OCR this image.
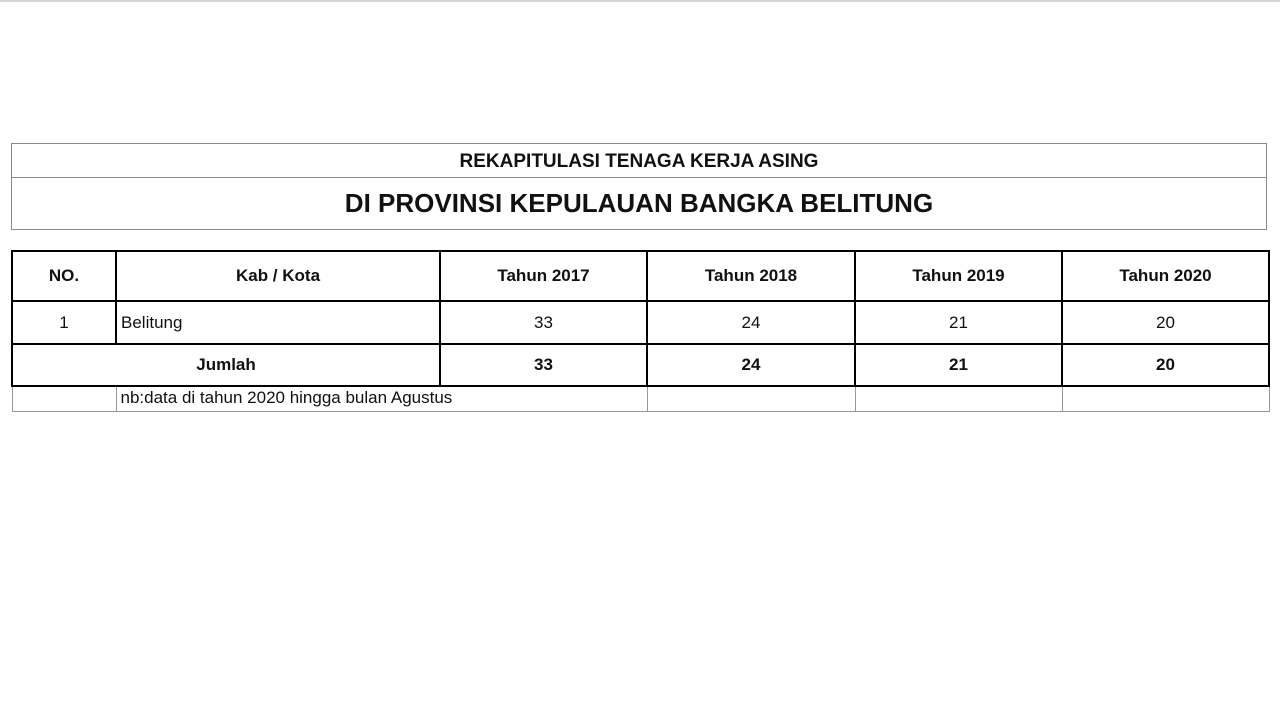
REKAPITULASI TENAGA KERJA ASING
DI PROVINSI KEPULAUAN BANGKA BELITUNG
NO.	Kab / Kota	Tahun 2017	Tahun 2018	Tahun 2019	Tahun 2020
1	Belitung	33	24	21	20
Jumlah		33	24	21	20
	nb:data di tahun 2020 hingga bulan Agustus				
